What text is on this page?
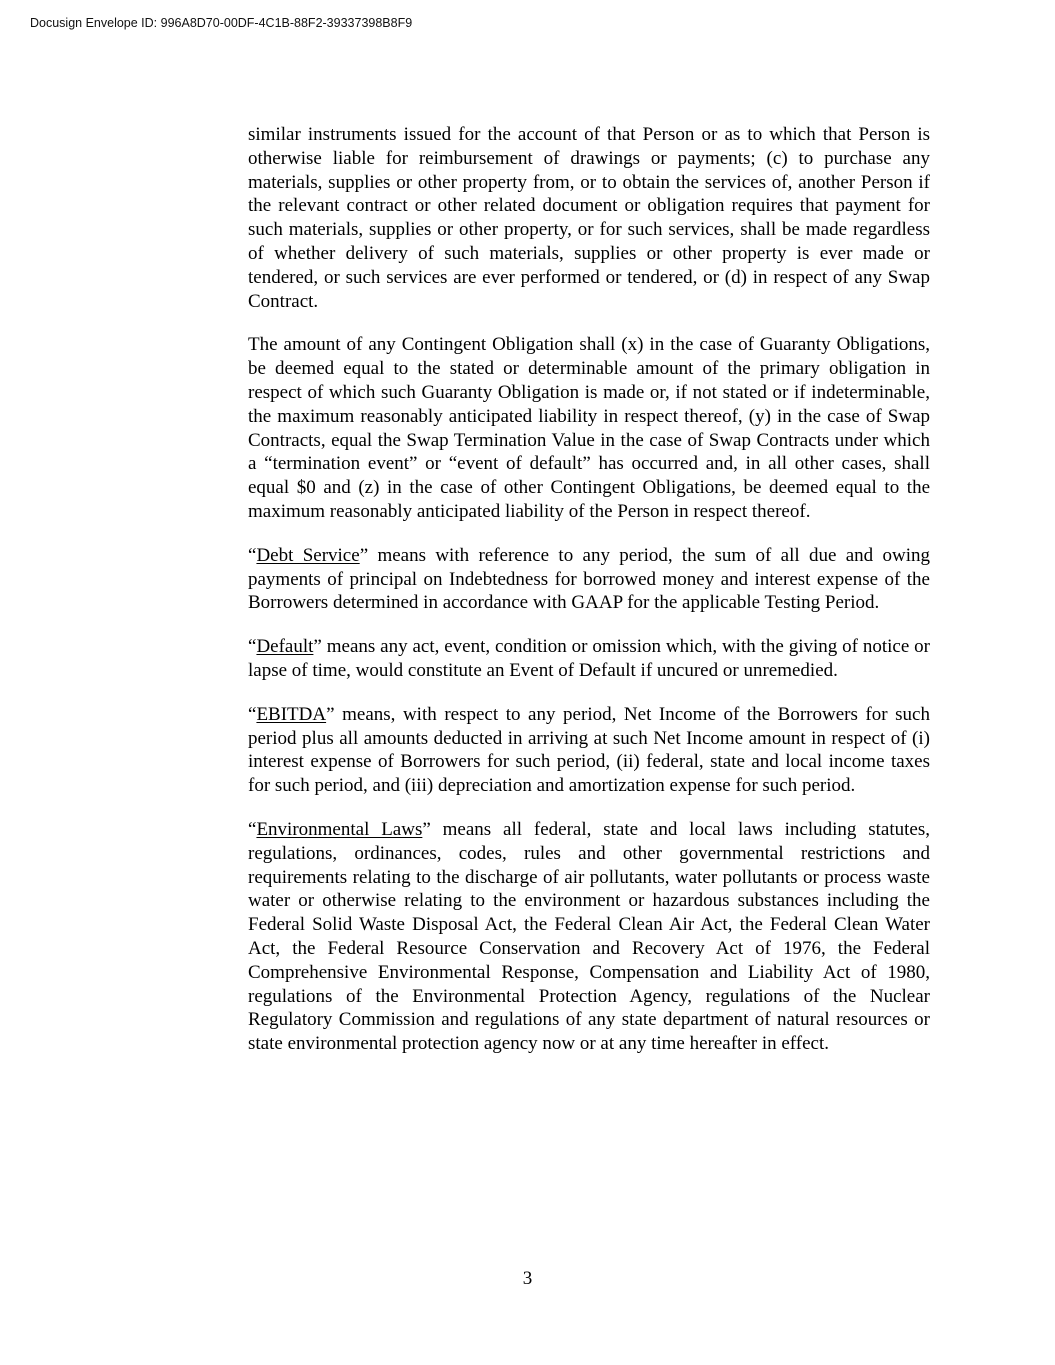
Docusign Envelope ID: 996A8D70-00DF-4C1B-88F2-39337398B8F9

similar instruments issued for the account of that Person or as to which that Person is otherwise liable for reimbursement of drawings or payments; (c) to purchase any materials, supplies or other property from, or to obtain the services of, another Person if the relevant contract or other related document or obligation requires that payment for such materials, supplies or other property, or for such services, shall be made regardless of whether delivery of such materials, supplies or other property is ever made or tendered, or such services are ever performed or tendered, or (d) in respect of any Swap Contract.

The amount of any Contingent Obligation shall (x) in the case of Guaranty Obligations, be deemed equal to the stated or determinable amount of the primary obligation in respect of which such Guaranty Obligation is made or, if not stated or if indeterminable, the maximum reasonably anticipated liability in respect thereof, (y) in the case of Swap Contracts, equal the Swap Termination Value in the case of Swap Contracts under which a “termination event” or “event of default” has occurred and, in all other cases, shall equal $0 and (z) in the case of other Contingent Obligations, be deemed equal to the maximum reasonably anticipated liability of the Person in respect thereof.

“Debt Service” means with reference to any period, the sum of all due and owing payments of principal on Indebtedness for borrowed money and interest expense of the Borrowers determined in accordance with GAAP for the applicable Testing Period.

“Default” means any act, event, condition or omission which, with the giving of notice or lapse of time, would constitute an Event of Default if uncured or unremedied.

“EBITDA” means, with respect to any period, Net Income of the Borrowers for such period plus all amounts deducted in arriving at such Net Income amount in respect of (i) interest expense of Borrowers for such period, (ii) federal, state and local income taxes for such period, and (iii) depreciation and amortization expense for such period.

“Environmental Laws” means all federal, state and local laws including statutes, regulations, ordinances, codes, rules and other governmental restrictions and requirements relating to the discharge of air pollutants, water pollutants or process waste water or otherwise relating to the environment or hazardous substances including the Federal Solid Waste Disposal Act, the Federal Clean Air Act, the Federal Clean Water Act, the Federal Resource Conservation and Recovery Act of 1976, the Federal Comprehensive Environmental Response, Compensation and Liability Act of 1980, regulations of the Environmental Protection Agency, regulations of the Nuclear Regulatory Commission and regulations of any state department of natural resources or state environmental protection agency now or at any time hereafter in effect.

3
